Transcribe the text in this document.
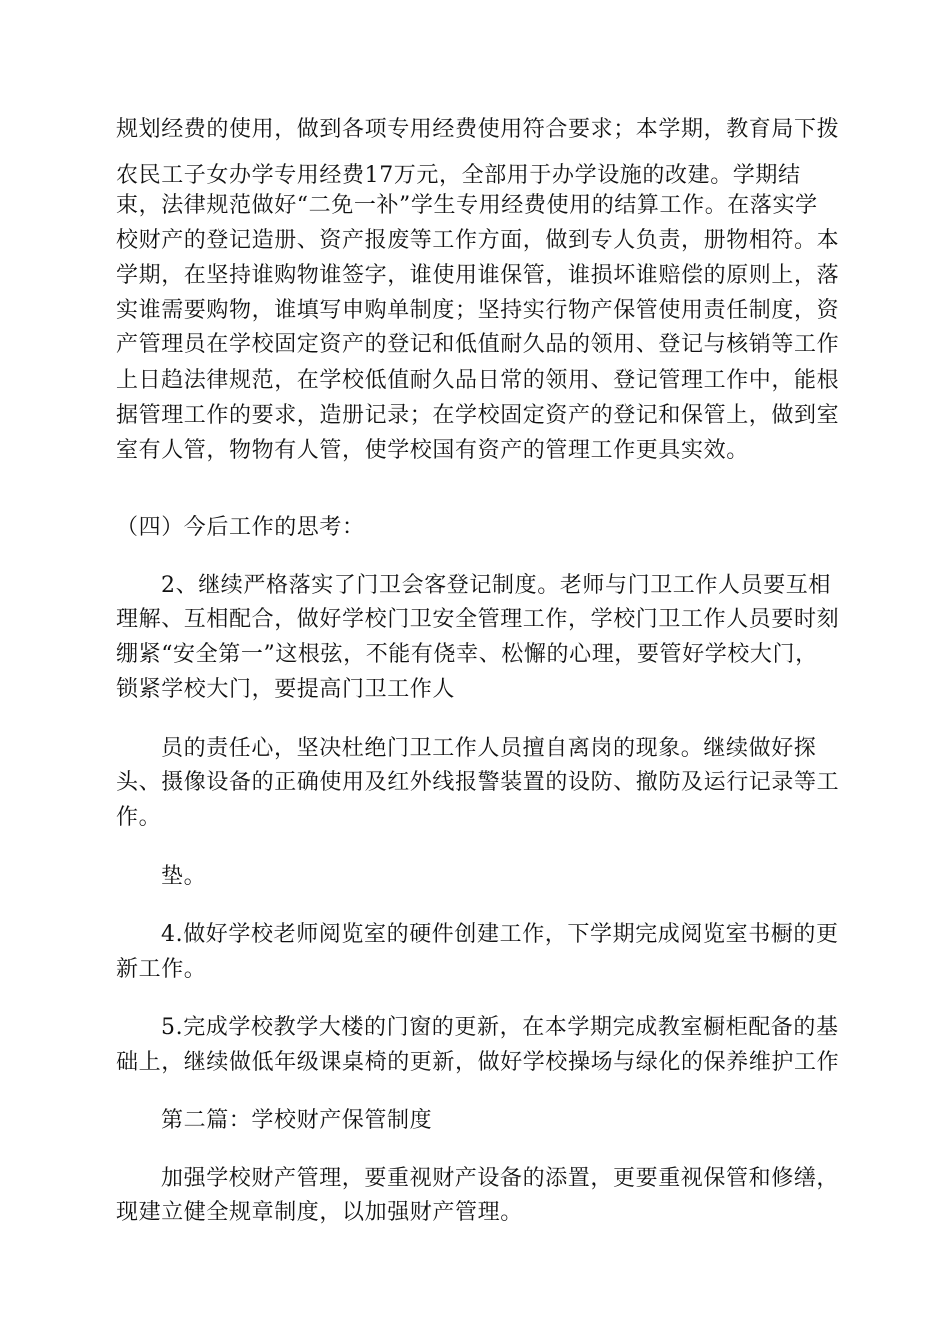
规划经费的使用，做到各项专用经费使用符合要求；本学期，教育局下拨
农民工子女办学专用经费17万元，全部用于办学设施的改建。学期结
束，法律规范做好“二免一补”学生专用经费使用的结算工作。在落实学
校财产的登记造册、资产报废等工作方面，做到专人负责，册物相符。本
学期，在坚持谁购物谁签字，谁使用谁保管，谁损坏谁赔偿的原则上，落
实谁需要购物，谁填写申购单制度；坚持实行物产保管使用责任制度，资
产管理员在学校固定资产的登记和低值耐久品的领用、登记与核销等工作
上日趋法律规范，在学校低值耐久品日常的领用、登记管理工作中，能根
据管理工作的要求，造册记录；在学校固定资产的登记和保管上，做到室
室有人管，物物有人管，使学校国有资产的管理工作更具实效。
（四）今后工作的思考：
2、继续严格落实了门卫会客登记制度。老师与门卫工作人员要互相
理解、互相配合，做好学校门卫安全管理工作，学校门卫工作人员要时刻
绷紧“安全第一”这根弦，不能有侥幸、松懈的心理，要管好学校大门，
锁紧学校大门，要提高门卫工作人
员的责任心，坚决杜绝门卫工作人员擅自离岗的现象。继续做好探
头、摄像设备的正确使用及红外线报警装置的设防、撤防及运行记录等工
作。
垫。
4.做好学校老师阅览室的硬件创建工作，下学期完成阅览室书橱的更
新工作。
5.完成学校教学大楼的门窗的更新，在本学期完成教室橱柜配备的基
础上，继续做低年级课桌椅的更新，做好学校操场与绿化的保养维护工作
第二篇：学校财产保管制度
加强学校财产管理，要重视财产设备的添置，更要重视保管和修缮，
现建立健全规章制度，以加强财产管理。
